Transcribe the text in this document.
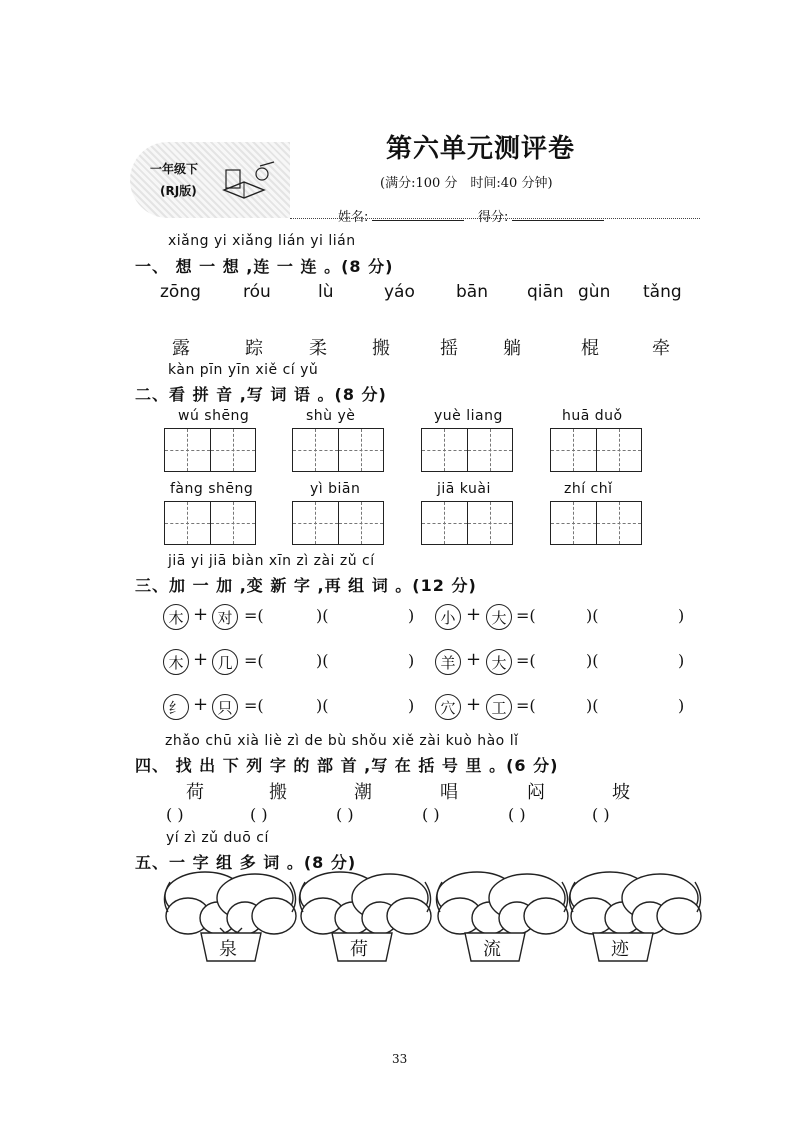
一年级下
(RJ版)
第六单元测评卷
(满分:100 分　时间:40 分钟)
姓名:	得分:
xiǎng yi xiǎng lián yi lián
一、 想 一 想 ,连 一 连 。(8 分)
zōng róu	lù	yáo bān qiān gùn tǎng
露	踪	柔	搬	摇	躺	棍	牵
kàn pīn yīn xiě cí yǔ
二、看 拼 音 ,写 词 语 。(8 分)
wú shēng	shù yè	yuè liang	huā duǒ
fàng shēng	yì biān	jiā kuài	zhí chǐ
jiā yi jiā biàn xīn zì zài zǔ cí
三、加 一 加 ,变 新 字 ,再 组 词 。(12 分)
木 + 对 =(	)(	)	小 + 大 =(	)(	)
木 + 几 =(	)(	)	羊 + 大 =(	)(	)
纟 + 只 =(	)(	)	穴 + 工 =(	)(	)
zhǎo chū xià liè zì de bù shǒu xiě zài kuò hào lǐ
四、 找 出 下 列 字 的 部 首 ,写 在 括 号 里 。(6 分)
荷	搬	潮	唱	闷	坡
( )	( )	( )	( )	( )	( )
yí zì zǔ duō cí
五、一 字 组 多 词 。(8 分)
泉	荷	流	迹
33
